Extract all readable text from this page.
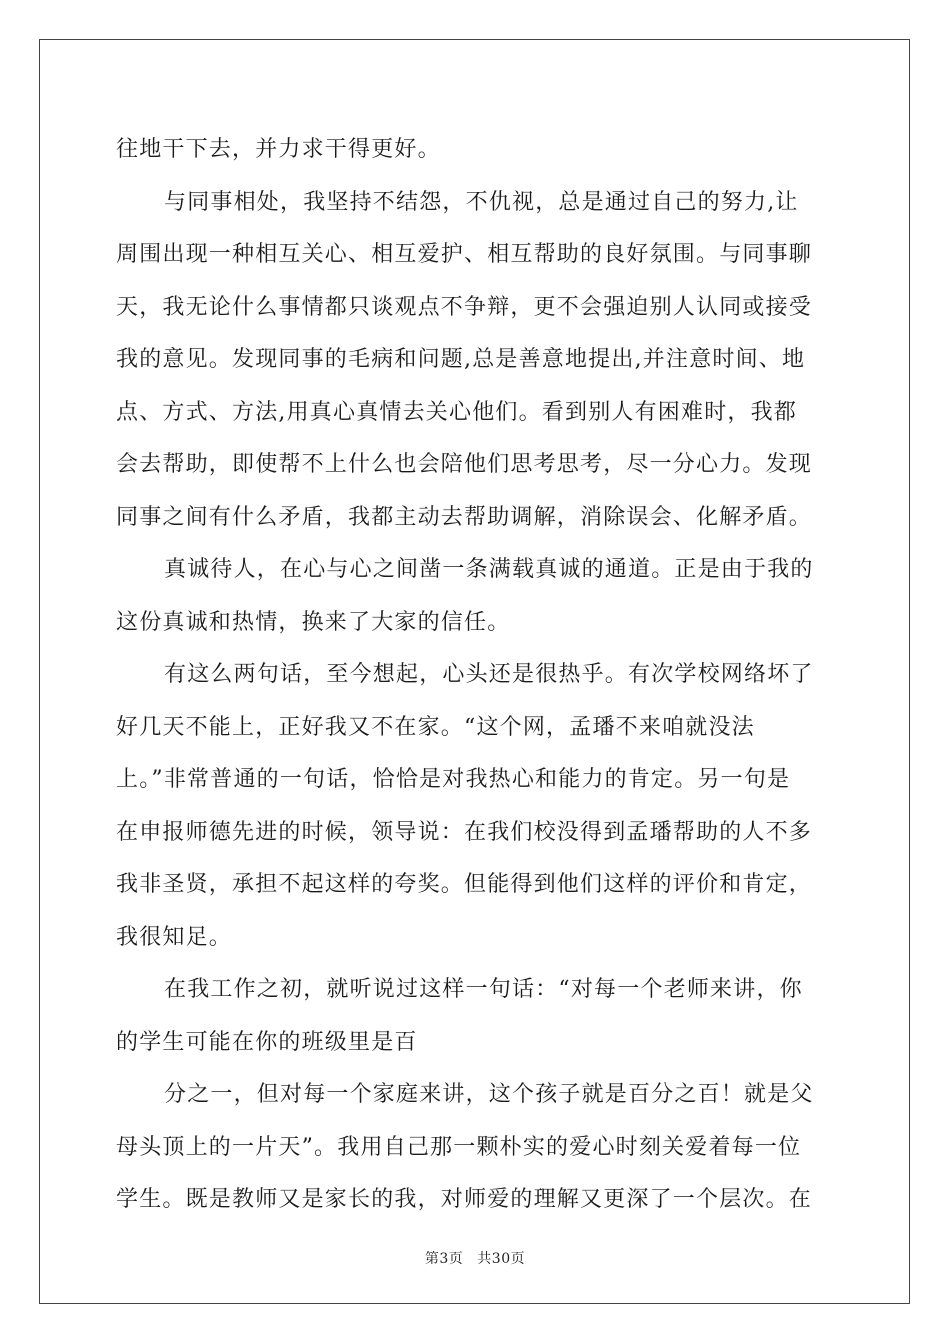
往地干下去，并力求干得更好。
与同事相处，我坚持不结怨，不仇视，总是通过自己的努力,让
周围出现一种相互关心、相互爱护、相互帮助的良好氛围。与同事聊
天，我无论什么事情都只谈观点不争辩，更不会强迫别人认同或接受
我的意见。发现同事的毛病和问题,总是善意地提出,并注意时间、地
点、方式、方法,用真心真情去关心他们。看到别人有困难时，我都
会去帮助，即使帮不上什么也会陪他们思考思考，尽一分心力。发现
同事之间有什么矛盾，我都主动去帮助调解，消除误会、化解矛盾。
真诚待人，在心与心之间凿一条满载真诚的通道。正是由于我的
这份真诚和热情，换来了大家的信任。
有这么两句话，至今想起，心头还是很热乎。有次学校网络坏了
好几天不能上，正好我又不在家。“这个网，孟璠不来咱就没法
上。”非常普通的一句话，恰恰是对我热心和能力的肯定。另一句是
在申报师德先进的时候，领导说：在我们校没得到孟璠帮助的人不多
我非圣贤，承担不起这样的夸奖。但能得到他们这样的评价和肯定，
我很知足。
在我工作之初，就听说过这样一句话：“对每一个老师来讲，你
的学生可能在你的班级里是百
分之一，但对每一个家庭来讲，这个孩子就是百分之百！就是父
母头顶上的一片天”。我用自己那一颗朴实的爱心时刻关爱着每一位
学生。既是教师又是家长的我，对师爱的理解又更深了一个层次。在
第3页 共30页
